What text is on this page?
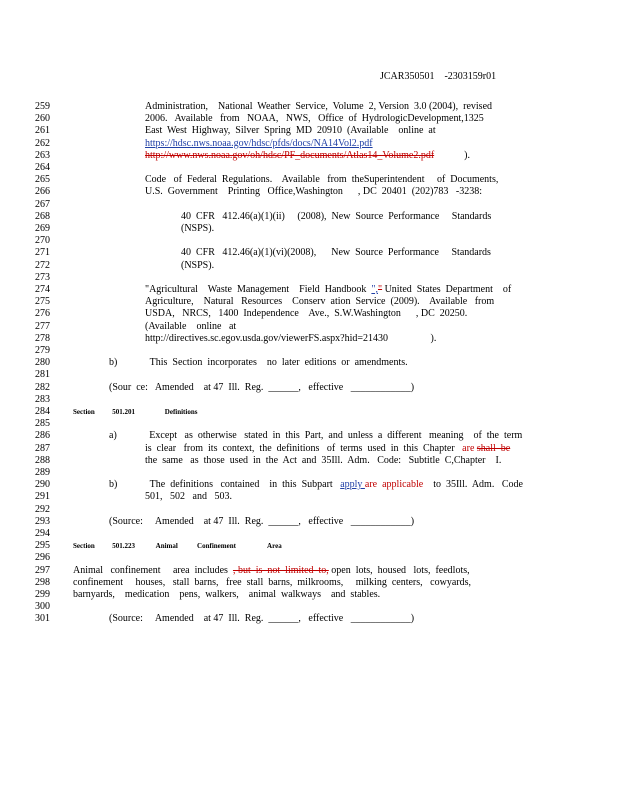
JCAR350501    -2303159r01
259	Administration,    National  Weather  Service,  Volume  2, Version  3.0 (2004),  revised
260	2006.   Available   from   NOAA,   NWS,   Office  of  HydrologicDevelopment,1325
261	East  West  Highway,  Silver  Spring  MD  20910  (Available    online  at
262	https://hdsc.nws.noaa.gov/hdsc/pfds/docs/NA14Vol2.pdf
263	http://www.nws.noaa.gov/oh/hdsc/PF_documents/Atlas14_Volume2.pdf	).
264
265	Code   of  Federal  Regulations.    Available   from  theSuperintendent     of  Documents,
266	U.S.  Government    Printing   Office,Washington      , DC  20401  (202)783   -3238:
267
268	40  CFR   412.46(a)(1)(ii)     (2008),  New  Source  Performance     Standards
269	(NSPS).
270
271	40  CFR   412.46(a)(1)(vi)(2008),      New  Source  Performance     Standards
272	(NSPS).
273
274	"Agricultural    Waste  Management    Field  Handbook  "," United  States  Department    of
275	Agriculture,    Natural   Resources    Conserv  ation  Service  (2009).    Available   from
276	USDA,   NRCS,   1400  Independence    Ave.,  S.W.Washington      , DC  20250.
277	(Available    online   at
278	http://directives.sc.egov.usda.gov/viewerFS.aspx?hid=21430                 ).
279
280	b)             This  Section  incorporates    no  later  editions  or  amendments.
281
282	(Sour  ce:   Amended    at 47  Ill.  Reg.  ______,   effective   ____________)
283
284	Section          501.201                 Definitions
285
286	a)             Except   as  otherwise   stated  in  this  Part,  and  unless  a  different   meaning    of  the  term
287	is  clear   from  its  context,  the  definitions   of  terms  used  in  this  Chapter   are shall  be
288	the  same   as  those  used  in  the  Act  and  35Ill.  Adm.   Code:   Subtitle  C,Chapter    I.
289
290	b)             The  definitions   contained    in  this  Subpart   apply are  applicable    to  35Ill.  Adm.   Code
291	501,   502   and   503.
292
293	(Source:     Amended    at 47  Ill.  Reg.  ______,   effective   ____________)
294
295	Section          501.223            Animal           Confinement                  Area
296
297	Animal   confinement     area  includes  , but  is  not  limited  to, open  lots,  housed   lots,  feedlots,
298	confinement     houses,   stall  barns,   free  stall  barns,  milkrooms,     milking  centers,   cowyards,
299	barnyards,    medication    pens,  walkers,    animal  walkways    and  stables.
300
301	(Source:     Amended    at 47  Ill.  Reg.  ______,   effective   ____________)
